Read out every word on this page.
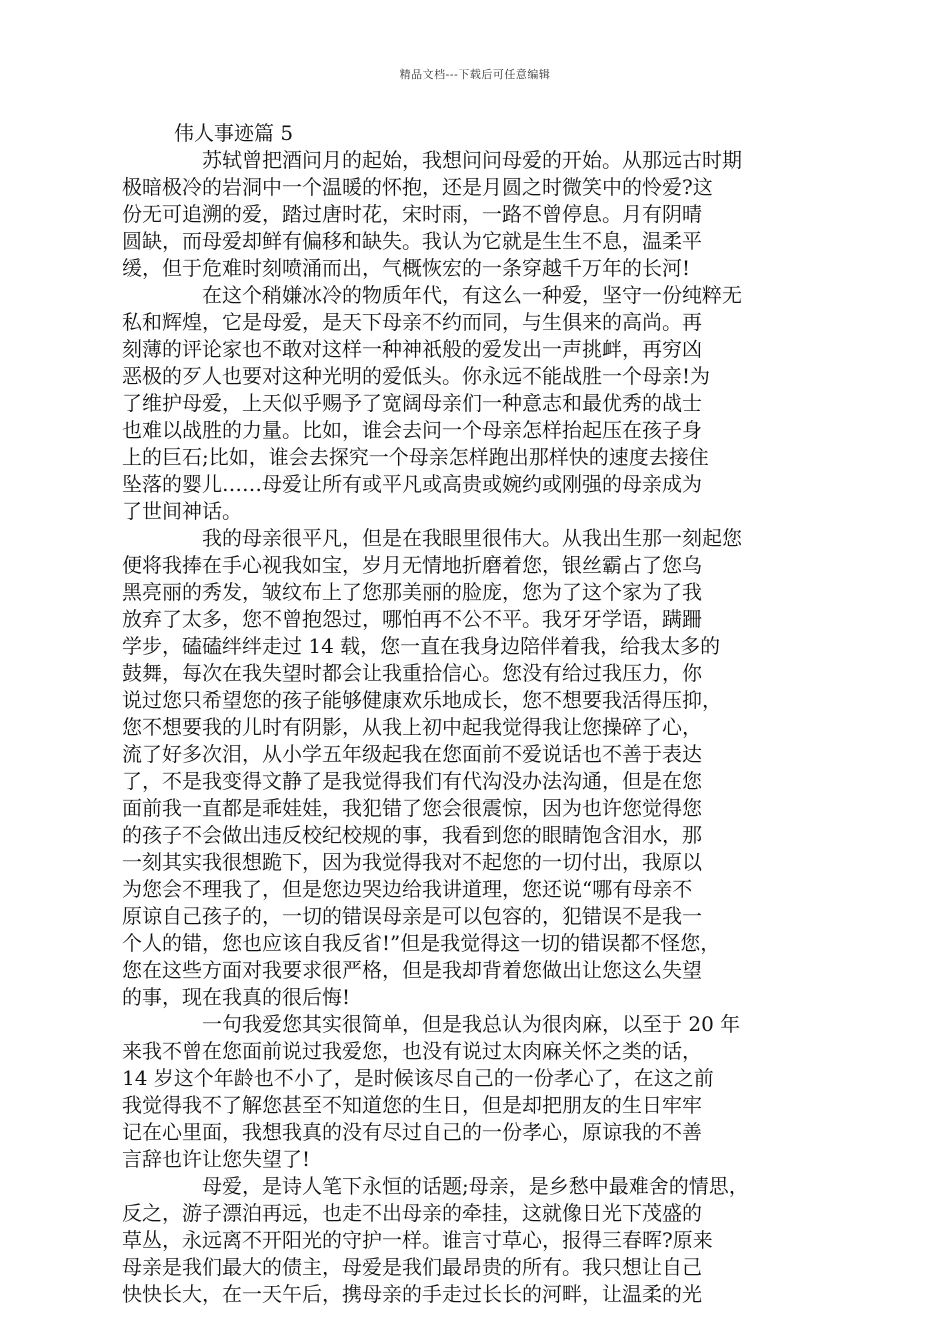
精品文档---下载后可任意编辑
伟人事迹篇 5
苏轼曾把酒问月的起始，我想问问母爱的开始。从那远古时期
极暗极冷的岩洞中一个温暖的怀抱，还是月圆之时微笑中的怜爱?这
份无可追溯的爱，踏过唐时花，宋时雨，一路不曾停息。月有阴晴
圆缺，而母爱却鲜有偏移和缺失。我认为它就是生生不息，温柔平
缓，但于危难时刻喷涌而出，气概恢宏的一条穿越千万年的长河!
在这个稍嫌冰冷的物质年代，有这么一种爱，坚守一份纯粹无
私和辉煌，它是母爱，是天下母亲不约而同，与生俱来的高尚。再
刻薄的评论家也不敢对这样一种神祇般的爱发出一声挑衅，再穷凶
恶极的歹人也要对这种光明的爱低头。你永远不能战胜一个母亲!为
了维护母爱，上天似乎赐予了宽阔母亲们一种意志和最优秀的战士
也难以战胜的力量。比如，谁会去问一个母亲怎样抬起压在孩子身
上的巨石;比如，谁会去探究一个母亲怎样跑出那样快的速度去接住
坠落的婴儿……母爱让所有或平凡或高贵或婉约或刚强的母亲成为
了世间神话。
我的母亲很平凡，但是在我眼里很伟大。从我出生那一刻起您
便将我捧在手心视我如宝，岁月无情地折磨着您，银丝霸占了您乌
黑亮丽的秀发，皱纹布上了您那美丽的脸庞，您为了这个家为了我
放弃了太多，您不曾抱怨过，哪怕再不公不平。我牙牙学语，蹒跚
学步，磕磕绊绊走过 14 载，您一直在我身边陪伴着我，给我太多的
鼓舞，每次在我失望时都会让我重拾信心。您没有给过我压力，你
说过您只希望您的孩子能够健康欢乐地成长，您不想要我活得压抑，
您不想要我的儿时有阴影，从我上初中起我觉得我让您操碎了心，
流了好多次泪，从小学五年级起我在您面前不爱说话也不善于表达
了，不是我变得文静了是我觉得我们有代沟没办法沟通，但是在您
面前我一直都是乖娃娃，我犯错了您会很震惊，因为也许您觉得您
的孩子不会做出违反校纪校规的事，我看到您的眼睛饱含泪水，那
一刻其实我很想跪下，因为我觉得我对不起您的一切付出，我原以
为您会不理我了，但是您边哭边给我讲道理，您还说“哪有母亲不
原谅自己孩子的，一切的错误母亲是可以包容的，犯错误不是我一
个人的错，您也应该自我反省!”但是我觉得这一切的错误都不怪您，
您在这些方面对我要求很严格，但是我却背着您做出让您这么失望
的事，现在我真的很后悔!
一句我爱您其实很简单，但是我总认为很肉麻，以至于 20 年
来我不曾在您面前说过我爱您，也没有说过太肉麻关怀之类的话，
14 岁这个年龄也不小了，是时候该尽自己的一份孝心了，在这之前
我觉得我不了解您甚至不知道您的生日，但是却把朋友的生日牢牢
记在心里面，我想我真的没有尽过自己的一份孝心，原谅我的不善
言辞也许让您失望了!
母爱，是诗人笔下永恒的话题;母亲，是乡愁中最难舍的情思，
反之，游子漂泊再远，也走不出母亲的牵挂，这就像日光下茂盛的
草丛，永远离不开阳光的守护一样。谁言寸草心，报得三春晖?原来
母亲是我们最大的债主，母爱是我们最昂贵的所有。我只想让自己
快快长大，在一天午后，携母亲的手走过长长的河畔，让温柔的光
